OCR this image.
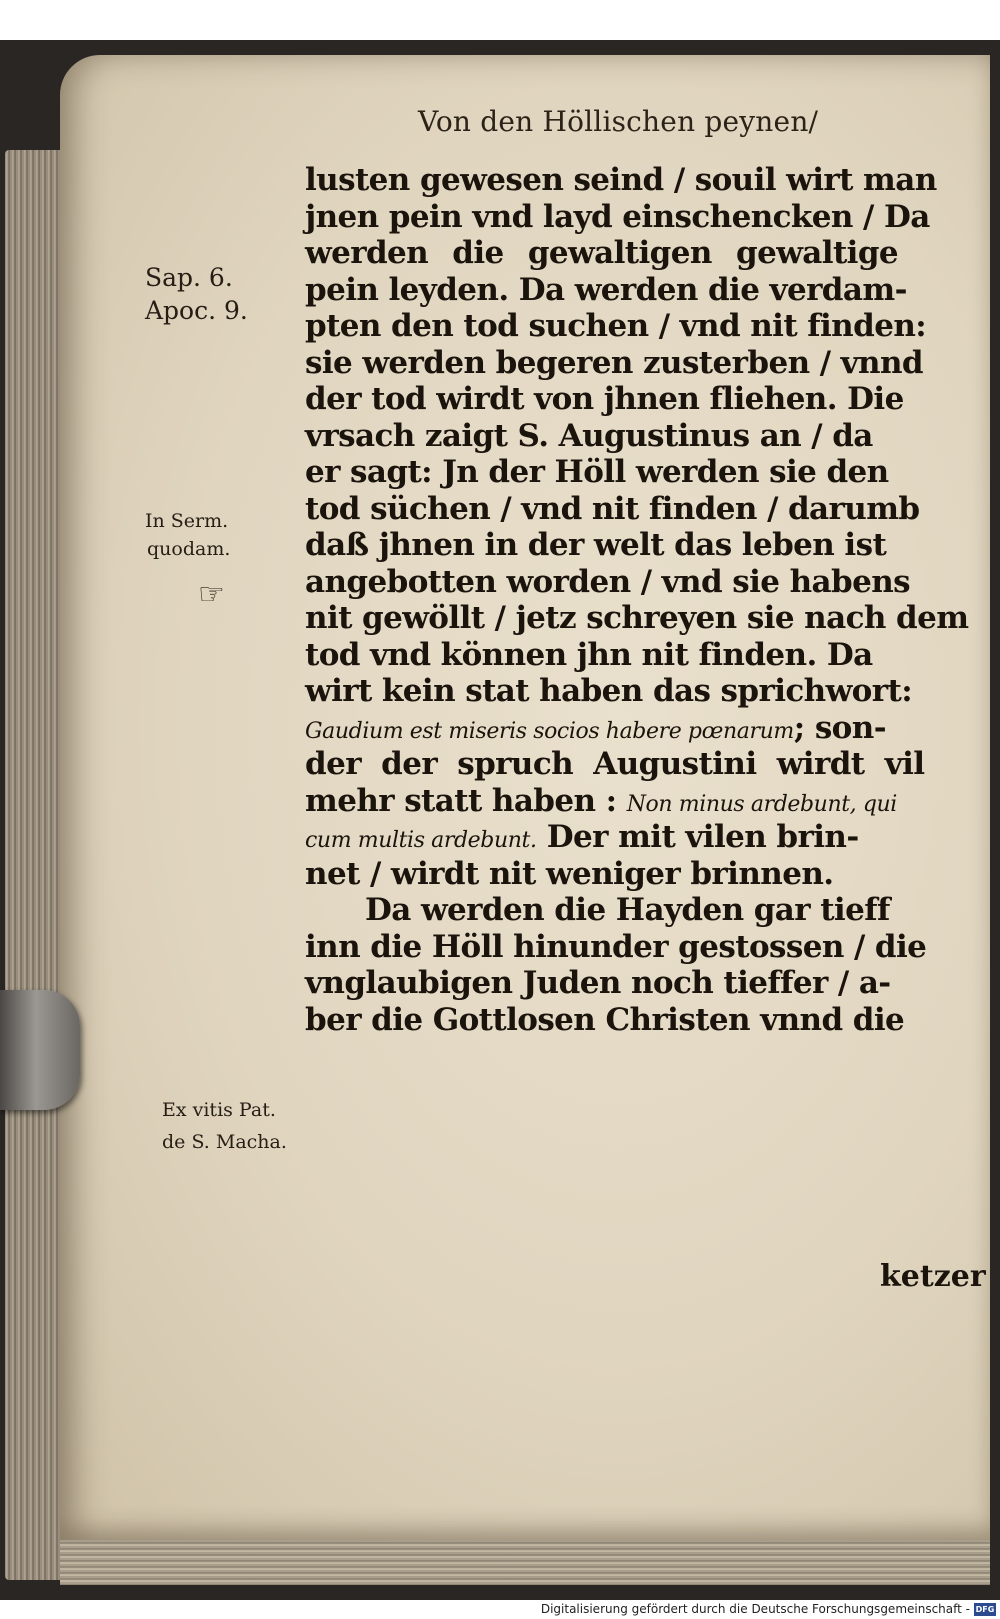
Von den Höllischen peynen/
Sap. 6.
Apoc. 9.
In Serm.
quodam.
☞
Ex vitis Pat.
de S. Macha.
lusten gewesen seind / souil wirt man
jnen pein vnd layd einschencken / Da
werden die gewaltigen gewaltige
pein leyden. Da werden die verdam-
pten den tod suchen / vnd nit finden:
sie werden begeren zusterben / vnnd
der tod wirdt von jhnen fliehen. Die
vrsach zaigt S. Augustinus an / da
er sagt: Jn der Höll werden sie den
tod süchen / vnd nit finden / darumb
daß jhnen in der welt das leben ist
angebotten worden / vnd sie habens
nit gewöllt / jetz schreyen sie nach dem
tod vnd können jhn nit finden. Da
wirt kein stat haben das sprichwort:
Gaudium est miseris socios habere pœnarum; son-
der der spruch Augustini wirdt vil
mehr statt haben : Non minus ardebunt, qui
cum multis ardebunt. Der mit vilen brin-
net / wirdt nit weniger brinnen.
Da werden die Hayden gar tieff
inn die Höll hinunder gestossen / die
vnglaubigen Juden noch tieffer / a-
ber die Gottlosen Christen vnnd die
ketzer
Digitalisierung gefördert durch die Deutsche Forschungsgemeinschaft - DFG
